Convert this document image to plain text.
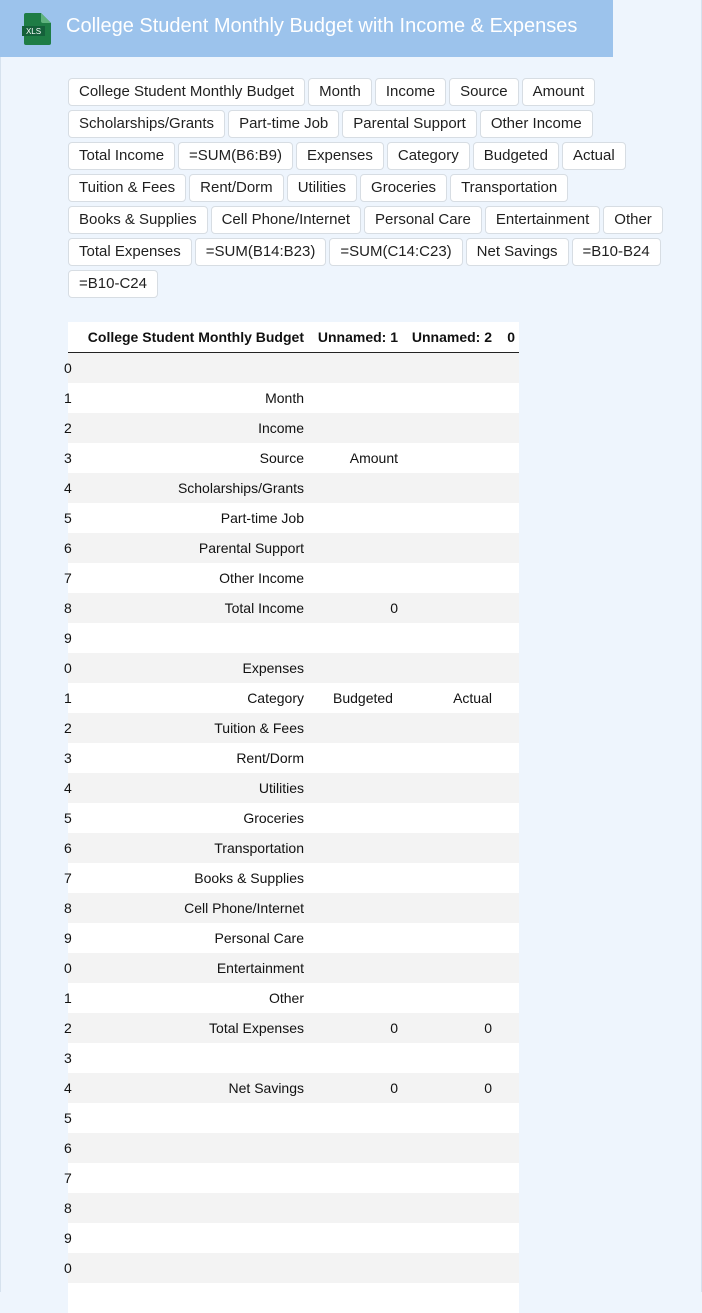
XLS College Student Monthly Budget with Income & Expenses
College Student Monthly Budget	Month	Income	Source	Amount
Scholarships/Grants	Part-time Job	Parental Support	Other Income
Total Income	=SUM(B6:B9)	Expenses	Category	Budgeted	Actual
Tuition & Fees	Rent/Dorm	Utilities	Groceries	Transportation
Books & Supplies	Cell Phone/Internet	Personal Care	Entertainment	Other
Total Expenses	=SUM(B14:B23)	=SUM(C14:C23)	Net Savings	=B10-B24
=B10-C24
	College Student Monthly Budget	Unnamed: 1	Unnamed: 2	0

0			

1	Month			

2	Income			

3	Source	Amount		

4	Scholarships/Grants			

5	Part-time Job			

6	Parental Support			

7	Other Income			

8	Total Income	0		

9			

0	Expenses			

1	Category	Budgeted	Actual	

2	Tuition & Fees			

3	Rent/Dorm			

4	Utilities			

5	Groceries			

6	Transportation			

7	Books & Supplies			

8	Cell Phone/Internet			

9	Personal Care			

0	Entertainment			

1	Other			

2	Total Expenses	0	0	

3			

4	Net Savings	0	0	

5			

6			

7			

8			

9			

0			
